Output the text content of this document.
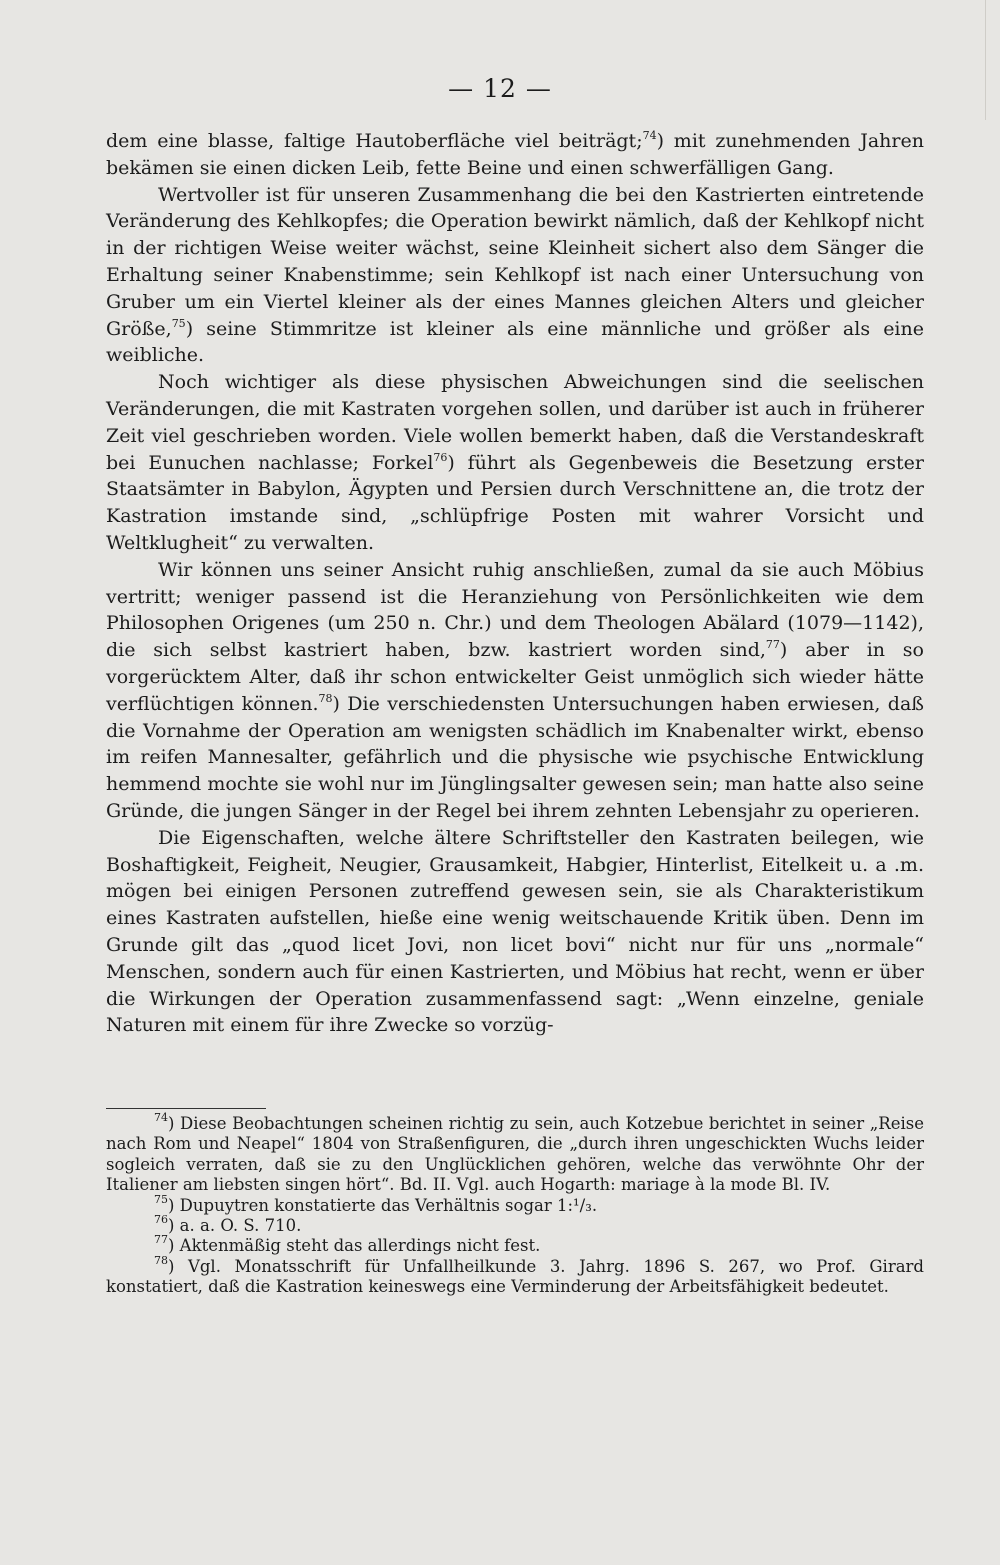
— 12 —

dem eine blasse, faltige Hautoberfläche viel beiträgt;$^{74}$) mit zunehmenden Jahren bekämen sie einen dicken Leib, fette Beine und einen schwerfälligen Gang.

Wertvoller ist für unseren Zusammenhang die bei den Kastrierten eintretende Veränderung des Kehlkopfes; die Operation bewirkt nämlich, daß der Kehlkopf nicht in der richtigen Weise weiter wächst, seine Kleinheit sichert also dem Sänger die Erhaltung seiner Knabenstimme; sein Kehlkopf ist nach einer Untersuchung von Gruber um ein Viertel kleiner als der eines Mannes gleichen Alters und gleicher Größe,$^{75}$) seine Stimmritze ist kleiner als eine männliche und größer als eine weibliche.

Noch wichtiger als diese physischen Abweichungen sind die seelischen Veränderungen, die mit Kastraten vorgehen sollen, und darüber ist auch in früherer Zeit viel geschrieben worden. Viele wollen bemerkt haben, daß die Verstandeskraft bei Eunuchen nachlasse; Forkel$^{76}$) führt als Gegenbeweis die Besetzung erster Staatsämter in Babylon, Ägypten und Persien durch Verschnittene an, die trotz der Kastration imstande sind, „schlüpfrige Posten mit wahrer Vorsicht und Weltklugheit“ zu verwalten.

Wir können uns seiner Ansicht ruhig anschließen, zumal da sie auch Möbius vertritt; weniger passend ist die Heranziehung von Persönlichkeiten wie dem Philosophen Origenes (um 250 n. Chr.) und dem Theologen Abälard (1079—1142), die sich selbst kastriert haben, bzw. kastriert worden sind,$^{77}$) aber in so vorgerücktem Alter, daß ihr schon entwickelter Geist unmöglich sich wieder hätte verflüchtigen können.$^{78}$) Die verschiedensten Untersuchungen haben erwiesen, daß die Vornahme der Operation am wenigsten schädlich im Knabenalter wirkt, ebenso im reifen Mannesalter, gefährlich und die physische wie psychische Entwicklung hemmend mochte sie wohl nur im Jünglingsalter gewesen sein; man hatte also seine Gründe, die jungen Sänger in der Regel bei ihrem zehnten Lebensjahr zu operieren.

Die Eigenschaften, welche ältere Schriftsteller den Kastraten beilegen, wie Boshaftigkeit, Feigheit, Neugier, Grausamkeit, Habgier, Hinterlist, Eitelkeit u. a .m. mögen bei einigen Personen zutreffend gewesen sein, sie als Charakteristikum eines Kastraten aufstellen, hieße eine wenig weitschauende Kritik üben. Denn im Grunde gilt das „quod licet Jovi, non licet bovi“ nicht nur für uns „normale“ Menschen, sondern auch für einen Kastrierten, und Möbius hat recht, wenn er über die Wirkungen der Operation zusammenfassend sagt: „Wenn einzelne, geniale Naturen mit einem für ihre Zwecke so vorzüg-

$^{74}$) Diese Beobachtungen scheinen richtig zu sein, auch Kotzebue berichtet in seiner „Reise nach Rom und Neapel“ 1804 von Straßenfiguren, die „durch ihren ungeschickten Wuchs leider sogleich verraten, daß sie zu den Unglücklichen gehören, welche das verwöhnte Ohr der Italiener am liebsten singen hört“. Bd. II. Vgl. auch Hogarth: mariage à la mode Bl. IV.

$^{75}$) Dupuytren konstatierte das Verhältnis sogar 1:¹/₃.

$^{76}$) a. a. O. S. 710.

$^{77}$) Aktenmäßig steht das allerdings nicht fest.

$^{78}$) Vgl. Monatsschrift für Unfallheilkunde 3. Jahrg. 1896 S. 267, wo Prof. Girard konstatiert, daß die Kastration keineswegs eine Verminderung der Arbeitsfähigkeit bedeutet.
